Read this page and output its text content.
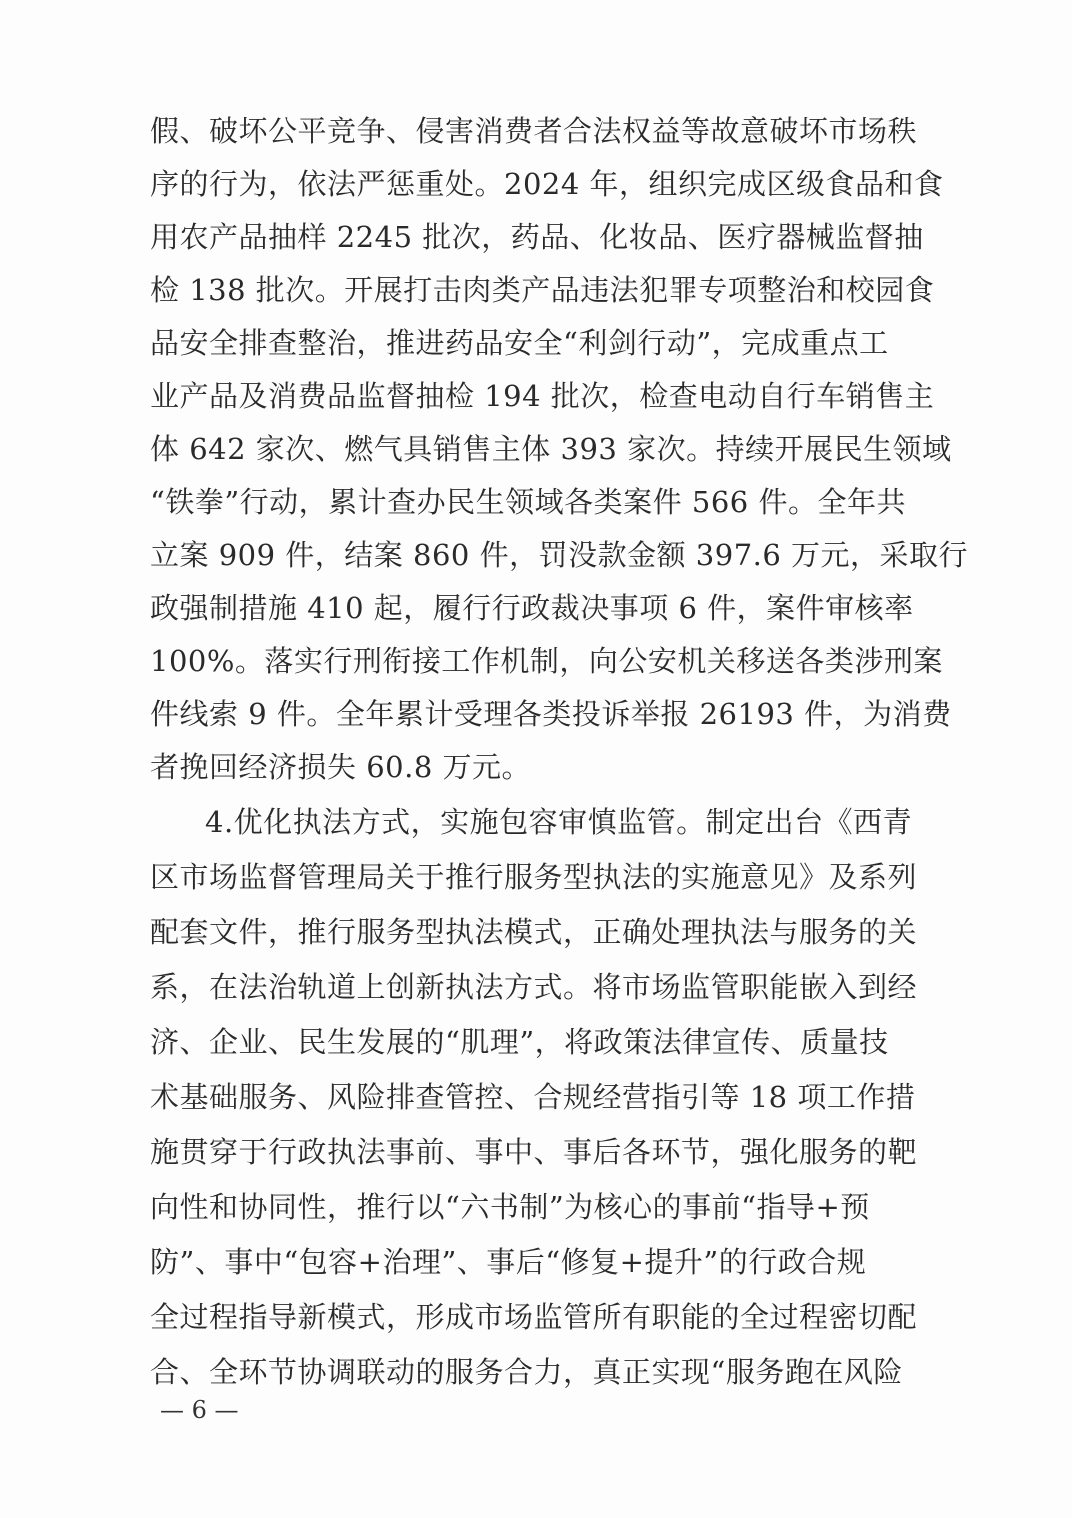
假、破坏公平竞争、侵害消费者合法权益等故意破坏市场秩
序的行为，依法严惩重处。2024 年，组织完成区级食品和食
用农产品抽样 2245 批次，药品、化妆品、医疗器械监督抽
检 138 批次。开展打击肉类产品违法犯罪专项整治和校园食
品安全排查整治，推进药品安全“利剑行动”，完成重点工
业产品及消费品监督抽检 194 批次，检查电动自行车销售主
体 642 家次、燃气具销售主体 393 家次。持续开展民生领域
“铁拳”行动，累计查办民生领域各类案件 566 件。全年共
立案 909 件，结案 860 件，罚没款金额 397.6 万元，采取行
政强制措施 410 起，履行行政裁决事项 6 件，案件审核率
100%。落实行刑衔接工作机制，向公安机关移送各类涉刑案
件线索 9 件。全年累计受理各类投诉举报 26193 件，为消费
者挽回经济损失 60.8 万元。
4.优化执法方式，实施包容审慎监管。制定出台《西青
区市场监督管理局关于推行服务型执法的实施意见》及系列
配套文件，推行服务型执法模式，正确处理执法与服务的关
系，在法治轨道上创新执法方式。将市场监管职能嵌入到经
济、企业、民生发展的“肌理”，将政策法律宣传、质量技
术基础服务、风险排查管控、合规经营指引等 18 项工作措
施贯穿于行政执法事前、事中、事后各环节，强化服务的靶
向性和协同性，推行以“六书制”为核心的事前“指导+预
防”、事中“包容+治理”、事后“修复+提升”的行政合规
全过程指导新模式，形成市场监管所有职能的全过程密切配
合、全环节协调联动的服务合力，真正实现“服务跑在风险
— 6 —
